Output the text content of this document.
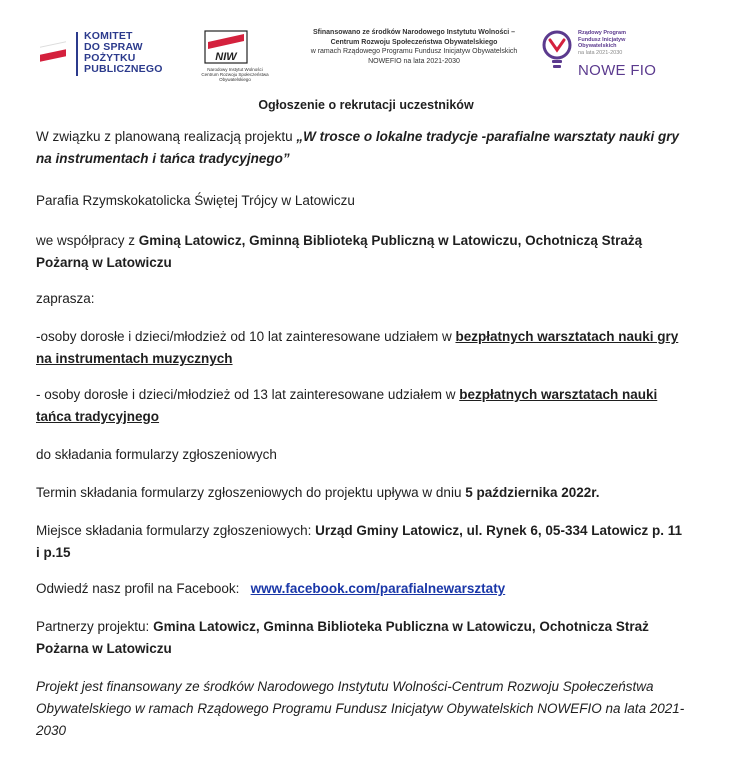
KOMITET
DO SPRAW
POŻYTKU
PUBLICZNEGO
NIW
Narodowy Instytut Wolności
Centrum Rozwoju Społeczeństwa Obywatelskiego
Sfinansowano ze środków Narodowego Instytutu Wolności –
Centrum Rozwoju Społeczeństwa Obywatelskiego
w ramach Rządowego Programu Fundusz Inicjatyw Obywatelskich
NOWEFIO na lata 2021-2030
Rządowy Program
Fundusz Inicjatyw
Obywatelskich
na lata 2021-2030
NOWE FIO
Ogłoszenie o rekrutacji uczestników

W związku z planowaną realizacją projektu „W trosce o lokalne tradycje -parafialne warsztaty nauki gry na instrumentach i tańca tradycyjnego”

Parafia Rzymskokatolicka Świętej Trójcy w Latowiczu

we współpracy z Gminą Latowicz, Gminną Biblioteką Publiczną w Latowiczu, Ochotniczą Strażą Pożarną w Latowiczu

zaprasza:

-osoby dorosłe i dzieci/młodzież od 10 lat zainteresowane udziałem w bezpłatnych warsztatach nauki gry na instrumentach muzycznych

- osoby dorosłe i dzieci/młodzież od 13 lat zainteresowane udziałem w bezpłatnych warsztatach nauki tańca tradycyjnego

do składania formularzy zgłoszeniowych

Termin składania formularzy zgłoszeniowych do projektu upływa w dniu 5 października 2022r.

Miejsce składania formularzy zgłoszeniowych: Urząd Gminy Latowicz, ul. Rynek 6, 05-334 Latowicz p. 11 i p.15

Odwiedź nasz profil na Facebook:   www.facebook.com/parafialnewarsztaty

Partnerzy projektu: Gmina Latowicz, Gminna Biblioteka Publiczna w Latowiczu, Ochotnicza Straż Pożarna w Latowiczu

Projekt jest finansowany ze środków Narodowego Instytutu Wolności-Centrum Rozwoju Społeczeństwa Obywatelskiego w ramach Rządowego Programu Fundusz Inicjatyw Obywatelskich NOWEFIO na lata 2021-2030
